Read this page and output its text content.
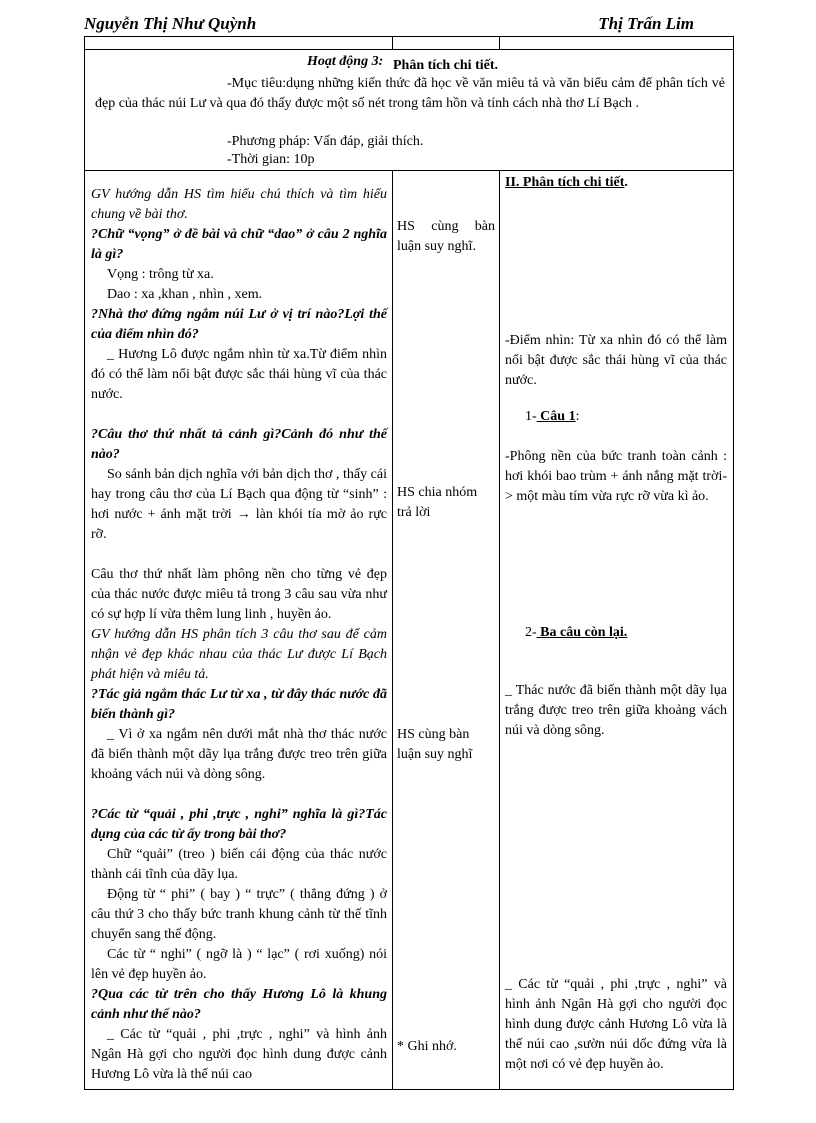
Nguyễn Thị Như Quỳnh	Thị Trấn Lim
Hoạt động 3: Phân tích chi tiết.
-Mục tiêu:dụng những kiến thức đã học về văn miêu tả và văn biểu cảm để phân tích vẻ đẹp của thác núi Lư và qua đó thấy được một số nét trong tâm hồn và tính cách nhà thơ Lí Bạch .
-Phương pháp: Vấn đáp, giải thích.
-Thời gian: 10p

GV hướng dẫn HS tìm hiểu chú thích và tìm hiểu chung về bài thơ.

?Chữ “vọng” ở đề bài và chữ “dao” ở câu 2 nghĩa là gì?

Vọng : trông từ xa.

Dao : xa ,khan , nhìn , xem.

?Nhà thơ đứng ngắm núi Lư ở vị trí nào?Lợi thế của điểm nhìn đó?

_ Hương Lô được ngắm nhìn từ xa.Từ điểm nhìn đó có thể làm nổi bật được sắc thái hùng vĩ của thác nước.

?Câu thơ thứ nhất tả cảnh gì?Cảnh đó như thế nào?

So sánh bản dịch nghĩa với bản dịch thơ , thấy cái hay trong câu thơ của Lí Bạch qua động từ “sinh” : hơi nước + ánh mặt trời → làn khói tía mờ ảo rực rỡ.

Câu thơ thứ nhất làm phông nền cho từng vẻ đẹp của thác nước được miêu tả trong 3 câu sau vừa như có sự hợp lí vừa thêm lung linh , huyền ảo.

GV hướng dẫn HS phân tích 3 câu thơ sau để cảm nhận vẻ đẹp khác nhau của thác Lư được Lí Bạch phát hiện và miêu tả.

?Tác giả ngắm thác Lư từ xa , từ đây thác nước đã biến thành gì?

_ Vì ở xa ngắm nên dưới mắt nhà thơ thác nước đã biến thành một dãy lụa trắng được treo trên giữa khoảng vách núi và dòng sông.

?Các từ “quải , phi ,trực , nghi” nghĩa là gì?Tác dụng của các từ ấy trong bài thơ?

Chữ “quải” (treo ) biến cái động của thác nước thành cái tĩnh của dãy lụa.

Động từ “ phi” ( bay ) “ trực” ( thẳng đứng ) ở câu thứ 3 cho thấy bức tranh khung cảnh từ thế tĩnh chuyển sang thế động.

Các từ “ nghi” ( ngỡ là ) “ lạc” ( rơi xuống) nói lên vẻ đẹp huyền ảo.

?Qua các từ trên cho thấy Hương Lô là khung cảnh như thế nào?

_ Các từ “quải , phi ,trực , nghi” và hình ảnh Ngân Hà gợi cho người đọc hình dung được cảnh Hương Lô vừa là thế núi cao

HS cùng bàn luận suy nghĩ.
HS chia nhóm trả lời
HS cùng bàn luận suy nghĩ
* Ghi nhớ.
II. Phân tích chi tiết.
-Điểm nhìn: Từ xa nhìn đó có thể làm nổi bật được sắc thái hùng vĩ của thác nước.
1- Câu 1:
-Phông nền của bức tranh toàn cảnh : hơi khói bao trùm + ánh nắng mặt trời-> một màu tím vừa rực rỡ vừa kì ảo.
2- Ba câu còn lại.
_ Thác nước đã biến thành một dãy lụa trắng được treo trên giữa khoảng vách núi và dòng sông.
_ Các từ “quải , phi ,trực , nghi” và hình ảnh Ngân Hà gợi cho người đọc hình dung được cảnh Hương Lô vừa là thế núi cao ,sườn núi dốc đứng vừa là một nơi có vẻ đẹp huyền ảo.
